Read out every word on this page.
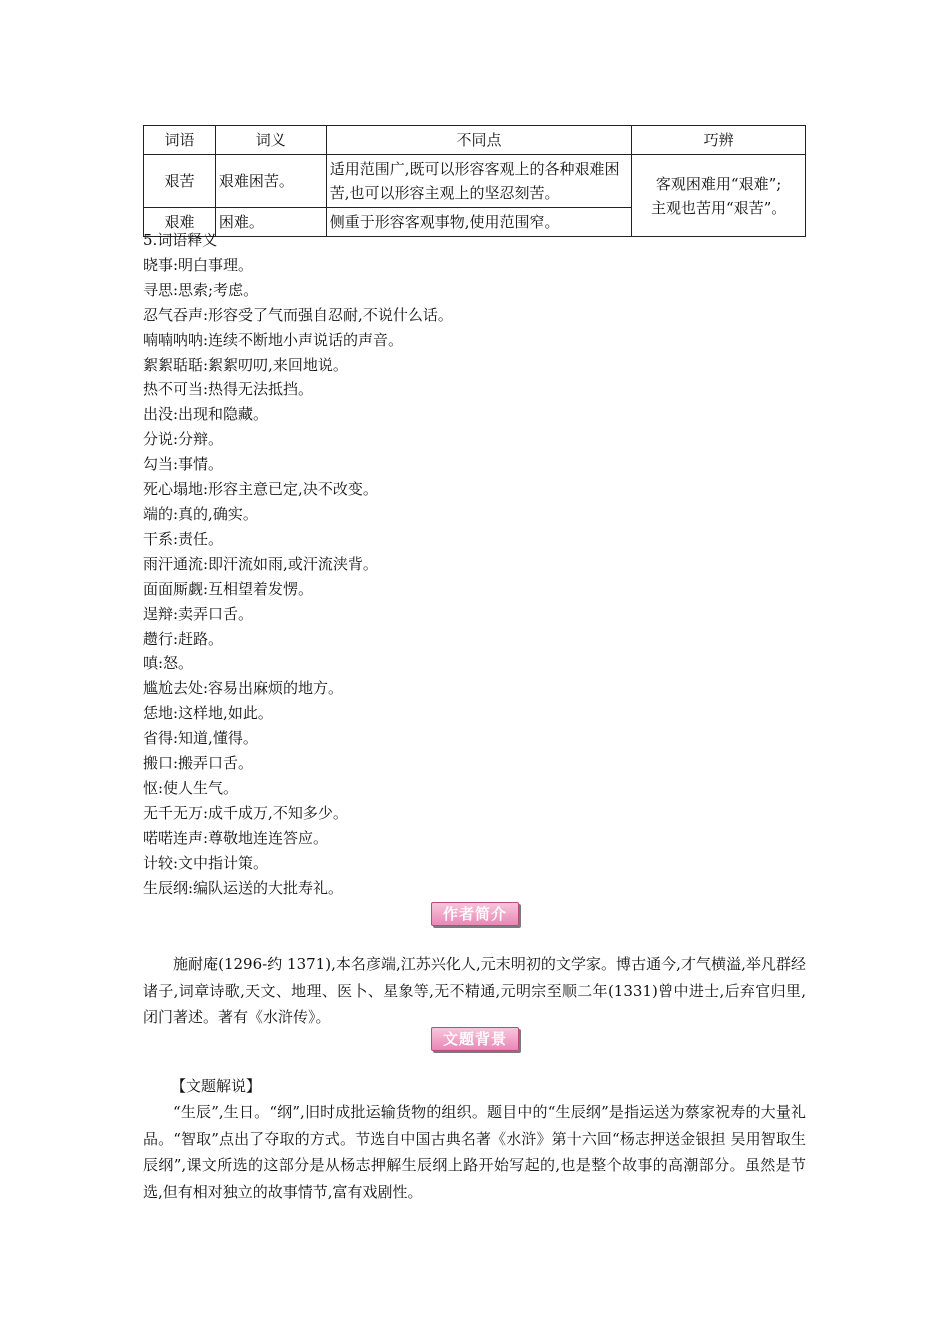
词语	词义	不同点	巧辨
艰苦	艰难困苦。	适用范围广,既可以形容客观上的各种艰难困苦,也可以形容主观上的坚忍刻苦。	客观困难用“艰难”;
主观也苦用“艰苦”。

艰难	困难。	侧重于形容客观事物,使用范围窄。	
5.词语释义
晓事:明白事理。
寻思:思索;考虑。
忍气吞声:形容受了气而强自忍耐,不说什么话。
喃喃呐呐:连续不断地小声说话的声音。
絮絮聒聒:絮絮叨叨,来回地说。
热不可当:热得无法抵挡。
出没:出现和隐藏。
分说:分辩。
勾当:事情。
死心塌地:形容主意已定,决不改变。
端的:真的,确实。
干系:责任。
雨汗通流:即汗流如雨,或汗流浃背。
面面厮觑:互相望着发愣。
逞辩:卖弄口舌。
趱行:赶路。
嗔:怒。
尴尬去处:容易出麻烦的地方。
恁地:这样地,如此。
省得:知道,懂得。
搬口:搬弄口舌。
怄:使人生气。
无千无万:成千成万,不知多少。
喏喏连声:尊敬地连连答应。
计较:文中指计策。
生辰纲:编队运送的大批寿礼。
作者简介
施耐庵(1296-约 1371),本名彦端,江苏兴化人,元末明初的文学家。博古通今,才气横溢,举凡群经诸子,词章诗歌,天文、地理、医卜、星象等,无不精通,元明宗至顺二年(1331)曾中进士,后弃官归里,闭门著述。著有《水浒传》。
文题背景
【文题解说】
“生辰”,生日。“纲”,旧时成批运输货物的组织。题目中的“生辰纲”是指运送为蔡家祝寿的大量礼品。“智取”点出了夺取的方式。节选自中国古典名著《水浒》第十六回“杨志押送金银担 吴用智取生辰纲”,课文所选的这部分是从杨志押解生辰纲上路开始写起的,也是整个故事的高潮部分。虽然是节选,但有相对独立的故事情节,富有戏剧性。
